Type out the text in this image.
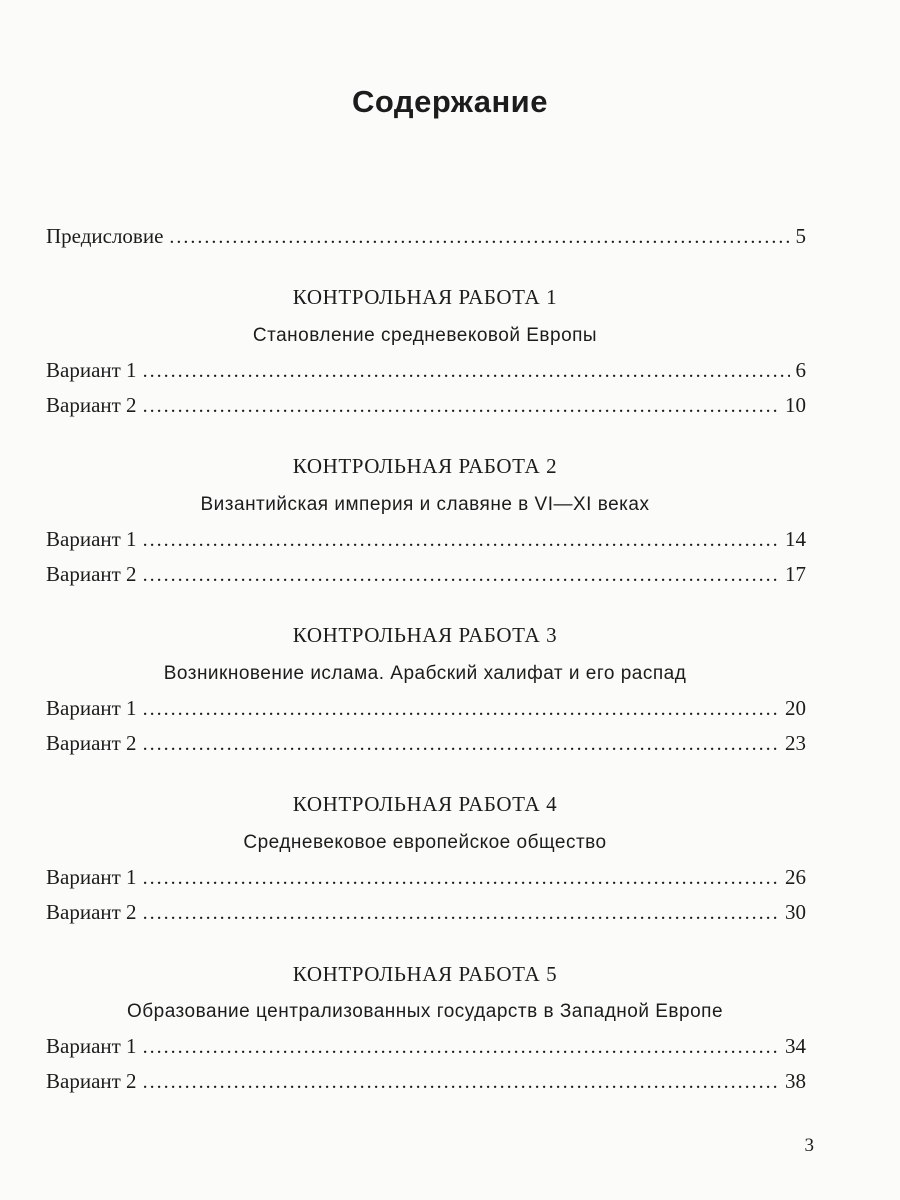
Содержание
Предисловие .....	5
КОНТРОЛЬНАЯ РАБОТА 1
Становление средневековой Европы
Вариант 1 .....	6
Вариант 2 .....	10
КОНТРОЛЬНАЯ РАБОТА 2
Византийская империя и славяне в VI—XI веках
Вариант 1 .....	14
Вариант 2 .....	17
КОНТРОЛЬНАЯ РАБОТА 3
Возникновение ислама. Арабский халифат и его распад
Вариант 1 .....	20
Вариант 2 .....	23
КОНТРОЛЬНАЯ РАБОТА 4
Средневековое европейское общество
Вариант 1 .....	26
Вариант 2 .....	30
КОНТРОЛЬНАЯ РАБОТА 5
Образование централизованных государств в Западной Европе
Вариант 1 .....	34
Вариант 2 .....	38
3
